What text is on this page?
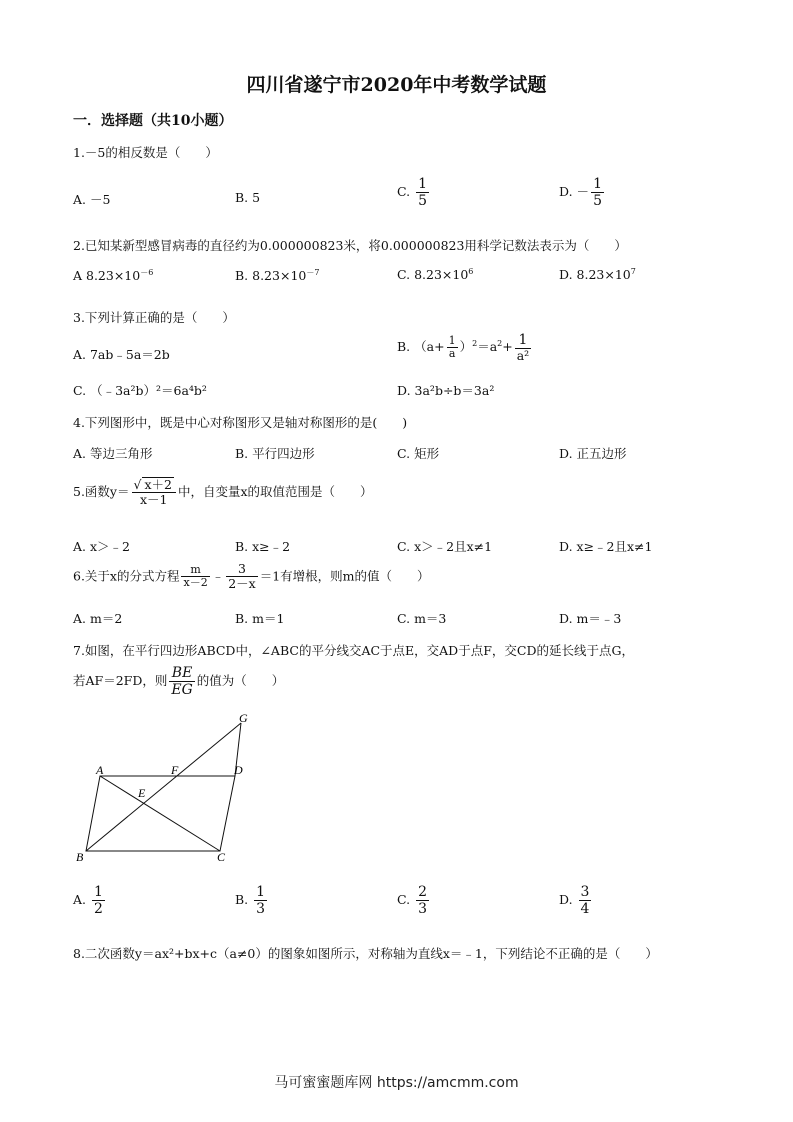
四川省遂宁市2020年中考数学试题
一．选择题（共10小题）
1.－5的相反数是（　　）
A. －5	B. 5	C. $\frac{1}{5}$	D. － $\frac{1}{5}$
2.已知某新型感冒病毒的直径约为0.000000823米，将0.000000823用科学记数法表示为（　　）
A $8.23\times 10^{-6}$	B. $8.23\times 10^{-7}$	C. $8.23\times 10^6$	D. $8.23\times 10^7$
3.下列计算正确的是（　　）
A. 7ab﹣5a＝2b
B. $(a+ \frac{1}{a} )^2=a^2+ \frac{1}{\text{a²}}$
C. （﹣3a²b）²＝6a⁴b²	D. 3a²b÷b＝3a²
4.下列图形中，既是中心对称图形又是轴对称图形的是(　　)
A. 等边三角形	B. 平行四边形	C. 矩形	D. 正五边形
5.函数$y= \frac{√ x+2}{x-1}$ 中，自变量x的取值范围是（　　）
A. x＞﹣2	B. x≥﹣2	C. x＞﹣2且x≠1	D. x≥﹣2且x≠1
6.关于x的分式方程 $\frac{m}{x-2}$ ﹣ $\frac{3}{2-x} =1$有增根，则m的值（　　）
A. m＝2	B. m＝1	C. m＝3	D. m＝﹣3
7.如图，在平行四边形ABCD中，∠ABC的平分线交AC于点E，交AD于点F，交CD的延长线于点G，
若AF＝2FD，则 $\frac{BE}{EG}$ 的值为（　　）
A	F	D
E
G
B	C
A. $\frac{1}{2}$	B. $\frac{1}{3}$	C. $\frac{2}{3}$	D. $\frac{3}{4}$
8.二次函数y＝ax²+bx+c（a≠0）的图象如图所示，对称轴为直线x＝﹣1，下列结论不正确的是（　　）
马可蜜蜜题库网 https://amcmm.com
